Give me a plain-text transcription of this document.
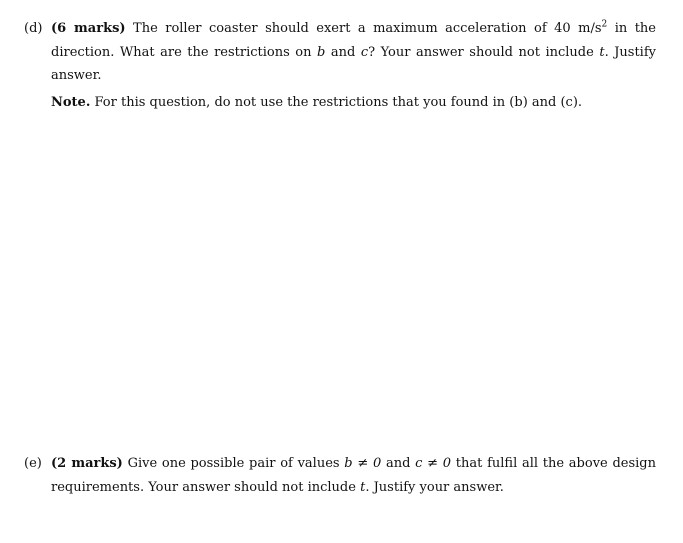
(d) (6 marks) The roller coaster should exert a maximum acceleration of 40 $m/s^2$ in the
direction. What are the restrictions on b and c? Your answer should not include t. Justify
answer.
Note. For this question, do not use the restrictions that you found in (b) and (c).
(e) (2 marks) Give one possible pair of values b ≠ 0 and c ≠ 0 that fulfil all the above design
requirements. Your answer should not include t. Justify your answer.
